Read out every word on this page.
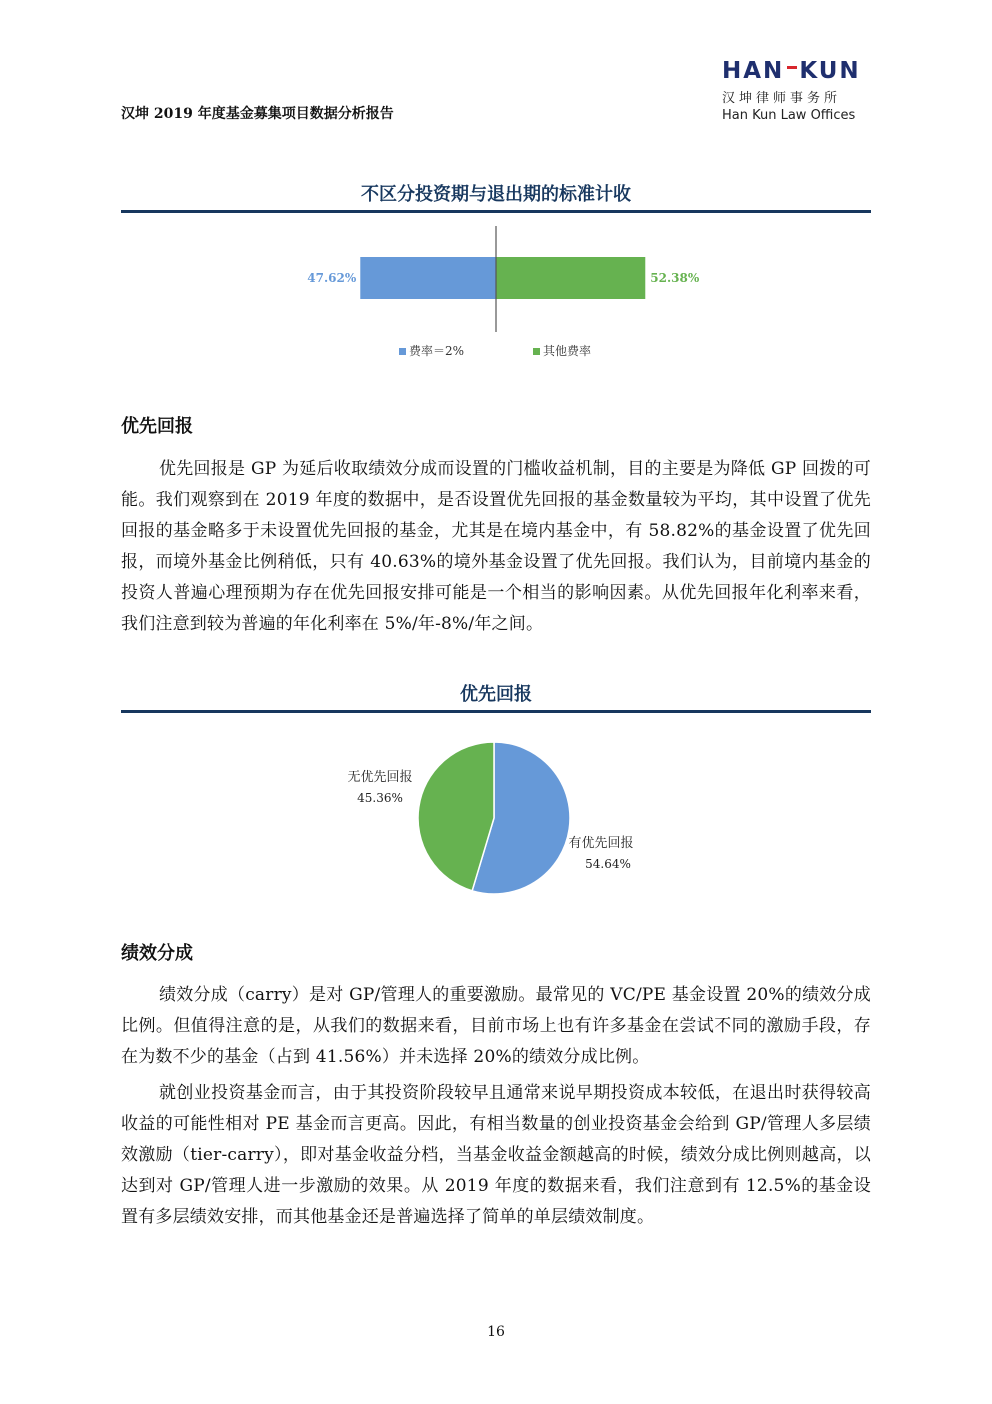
汉坤 2019 年度基金募集项目数据分析报告
HAN KUN
汉坤律师事务所
Han Kun Law Offices
不区分投资期与退出期的标准计收
47.62%	52.38%
费率＝2%	其他费率
优先回报
优先回报是 GP 为延后收取绩效分成而设置的门槛收益机制，目的主要是为降低 GP 回拨的可能。我们观察到在 2019 年度的数据中，是否设置优先回报的基金数量较为平均，其中设置了优先回报的基金略多于未设置优先回报的基金，尤其是在境内基金中，有 58.82%的基金设置了优先回报，而境外基金比例稍低，只有 40.63%的境外基金设置了优先回报。我们认为，目前境内基金的投资人普遍心理预期为存在优先回报安排可能是一个相当的影响因素。从优先回报年化利率来看，我们注意到较为普遍的年化利率在 5%/年-8%/年之间。
优先回报
有优先回报
54.64%
无优先回报
45.36%
绩效分成
绩效分成（carry）是对 GP/管理人的重要激励。最常见的 VC/PE 基金设置 20%的绩效分成比例。但值得注意的是，从我们的数据来看，目前市场上也有许多基金在尝试不同的激励手段，存在为数不少的基金（占到 41.56%）并未选择 20%的绩效分成比例。
就创业投资基金而言，由于其投资阶段较早且通常来说早期投资成本较低，在退出时获得较高收益的可能性相对 PE 基金而言更高。因此，有相当数量的创业投资基金会给到 GP/管理人多层绩效激励（tier-carry），即对基金收益分档，当基金收益金额越高的时候，绩效分成比例则越高，以达到对 GP/管理人进一步激励的效果。从 2019 年度的数据来看，我们注意到有 12.5%的基金设置有多层绩效安排，而其他基金还是普遍选择了简单的单层绩效制度。
16
